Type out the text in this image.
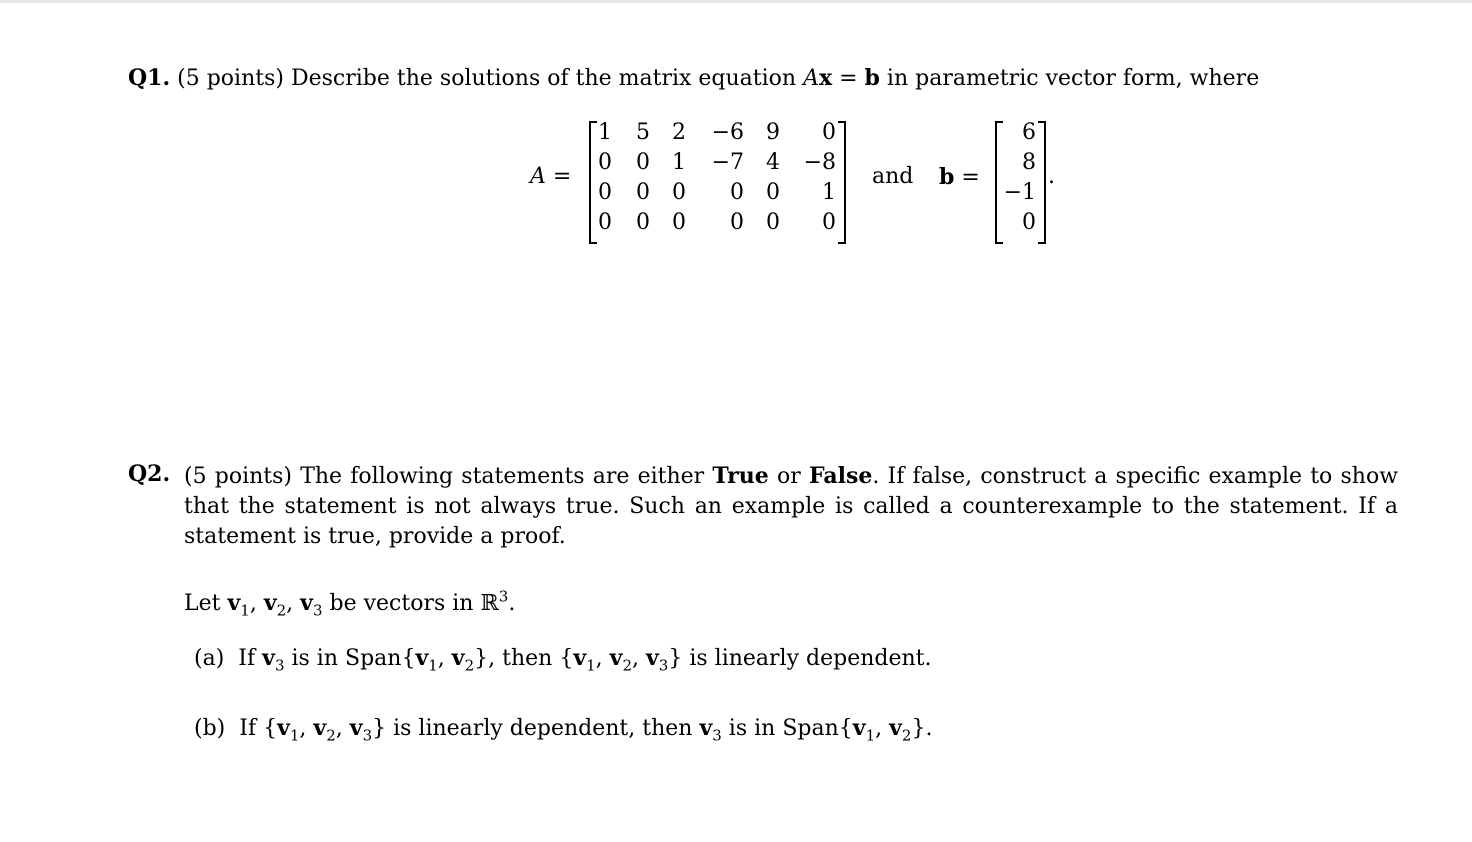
Q1. (5 points) Describe the solutions of the matrix equation Ax = b in parametric vector form, where
A =
1 5 2 −6 9 0
0 0 1 −7 4 −8
0 0 0 0 0 1
0 0 0 0 0 0
and b =
6
8
−1
0
.
Q2. (5 points) The following statements are either True or False. If false, construct a specific example to show that the statement is not always true. Such an example is called a counterexample to the statement. If a statement is true, provide a proof.
Let $v_1$, $v_2$, $v_3$ be vectors in ℝ$^3$.
(a) If $v_3$ is in $Span\{v_1$, $v_2$}, then {$v_1$, $v_2$, $v_3$} is linearly dependent.
(b) If {$v_1$, $v_2$, $v_3$} is linearly dependent, then $v_3$ is in $Span\{v_1$, $v_2$}.
